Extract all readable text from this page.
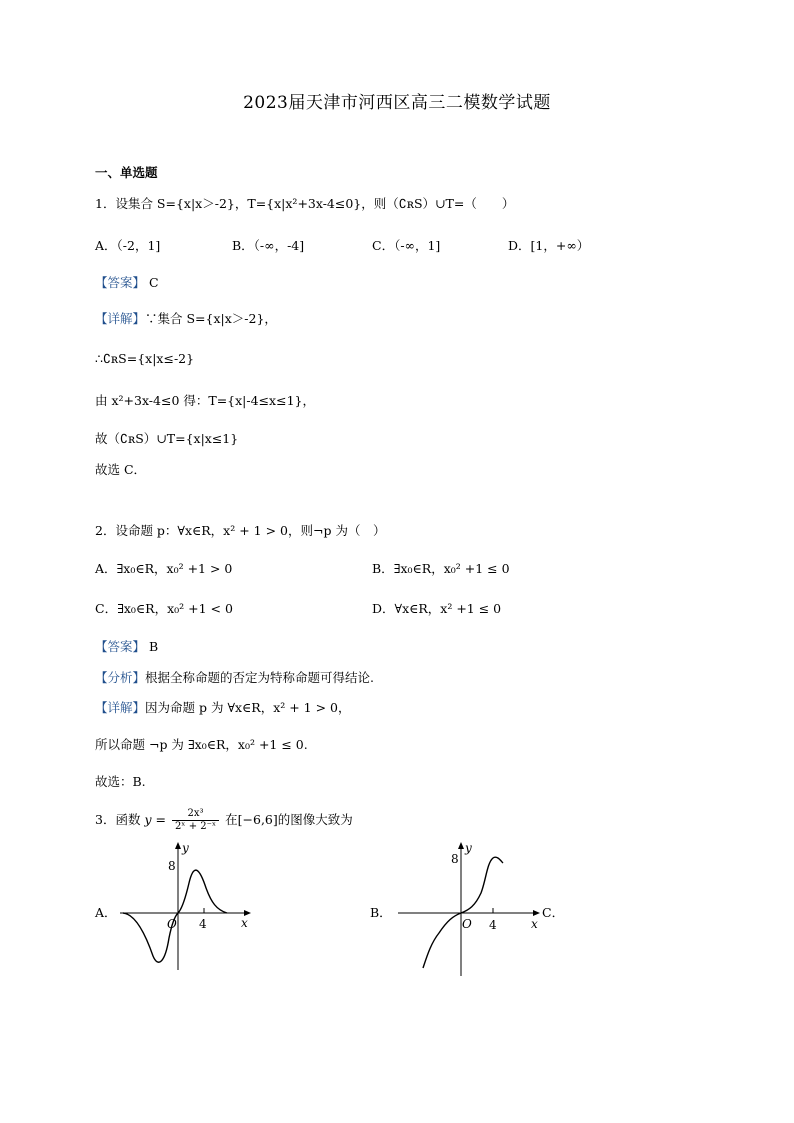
2023届天津市河西区高三二模数学试题
一、单选题
1．设集合 S={x|x＞-2}，T={x|x²+3x-4≤0}，则（∁ʀS）∪T=（　　）
A．（-2，1]	B．（-∞，-4]	C．（-∞，1]	D．[1，+∞）
【答案】 C
【详解】∵集合 S={x|x＞-2}，
∴∁ʀS={x|x≤-2}
由 x²+3x-4≤0 得：T={x|-4≤x≤1}，
故（∁ʀS）∪T={x|x≤1}
故选 C．
2．设命题 p：∀x∈R，x² + 1 > 0，则¬p 为（　）
A．∃x₀∈R，x₀² +1 > 0	B．∃x₀∈R，x₀² +1 ≤ 0
C．∃x₀∈R，x₀² +1 < 0	D．∀x∈R，x² +1 ≤ 0
【答案】 B
【分析】根据全称命题的否定为特称命题可得结论.
【详解】因为命题 p 为 ∀x∈R，x² + 1 > 0，
所以命题 ¬p 为 ∃x₀∈R，x₀² +1 ≤ 0.
故选：B.
3．函数 $y = \frac{\text{2x³}}{\text{2ˣ + 2⁻ˣ}}$ 在[−6,6]的图像大致为
A．	B．	C．
8
4
O	x
y
8
4
O	x
y
